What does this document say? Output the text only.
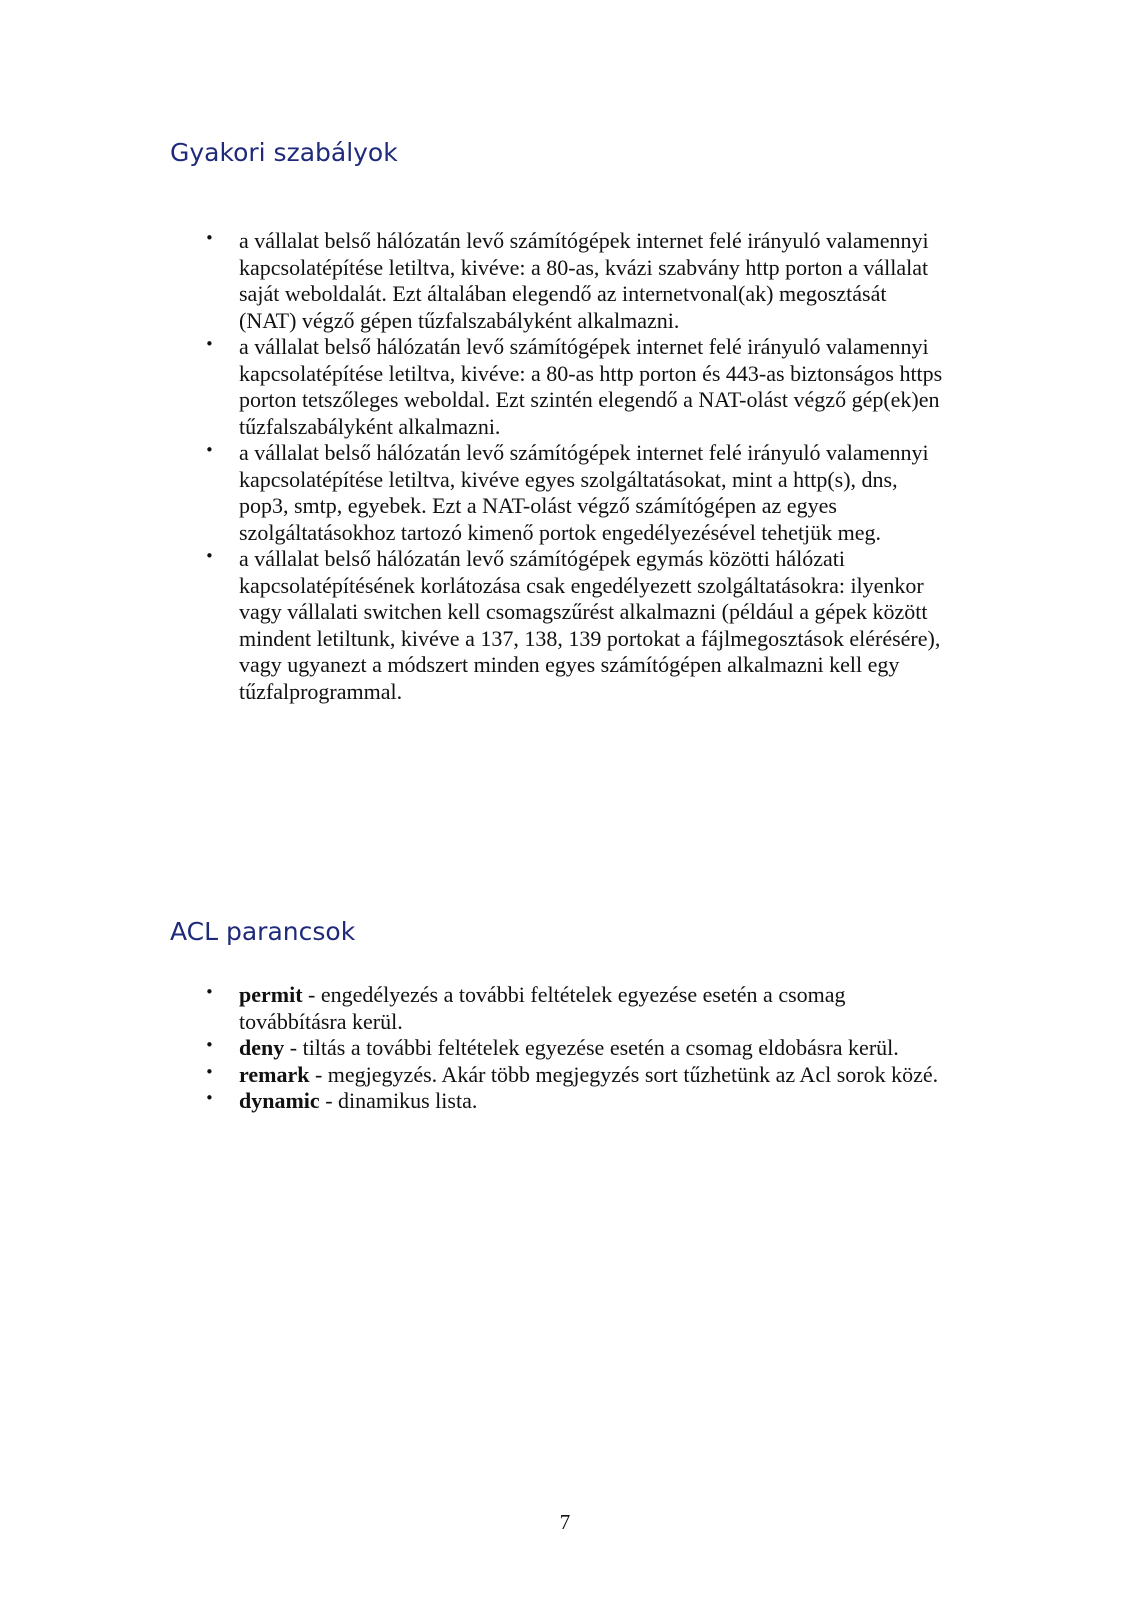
Gyakori szabályok
• a vállalat belső hálózatán levő számítógépek internet felé irányuló valamennyi kapcsolatépítése letiltva, kivéve: a 80-as, kvázi szabvány http porton a vállalat saját weboldalát. Ezt általában elegendő az internetvonal(ak) megosztását (NAT) végző gépen tűzfalszabályként alkalmazni.
• a vállalat belső hálózatán levő számítógépek internet felé irányuló valamennyi kapcsolatépítése letiltva, kivéve: a 80-as http porton és 443-as biztonságos https porton tetszőleges weboldal. Ezt szintén elegendő a NAT-olást végző gép(ek)en tűzfalszabályként alkalmazni.
• a vállalat belső hálózatán levő számítógépek internet felé irányuló valamennyi kapcsolatépítése letiltva, kivéve egyes szolgáltatásokat, mint a http(s), dns, pop3, smtp, egyebek. Ezt a NAT-olást végző számítógépen az egyes szolgáltatásokhoz tartozó kimenő portok engedélyezésével tehetjük meg.
• a vállalat belső hálózatán levő számítógépek egymás közötti hálózati kapcsolatépítésének korlátozása csak engedélyezett szolgáltatásokra: ilyenkor vagy vállalati switchen kell csomagszűrést alkalmazni (például a gépek között mindent letiltunk, kivéve a 137, 138, 139 portokat a fájlmegosztások elérésére), vagy ugyanezt a módszert minden egyes számítógépen alkalmazni kell egy tűzfalprogrammal.
ACL parancsok
• permit - engedélyezés a további feltételek egyezése esetén a csomag továbbításra kerül.
• deny - tiltás a további feltételek egyezése esetén a csomag eldobásra kerül.
• remark - megjegyzés. Akár több megjegyzés sort tűzhetünk az Acl sorok közé.
• dynamic - dinamikus lista.
7
